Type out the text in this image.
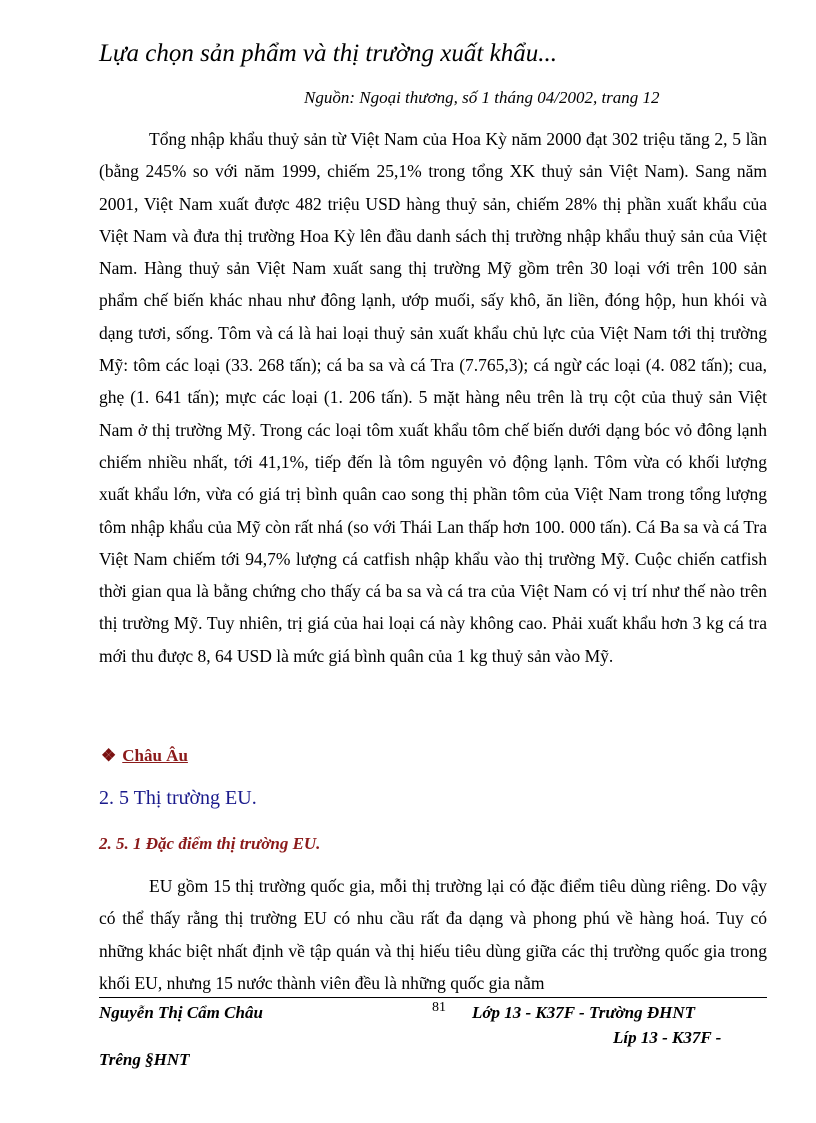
Lựa chọn sản phẩm và thị trường xuất khẩu...
Nguồn: Ngoại thương, số 1 tháng 04/2002, trang 12

Tổng nhập khẩu thuỷ sản từ Việt Nam của Hoa Kỳ năm 2000 đạt 302 triệu tăng 2, 5 lần (bằng 245% so với năm 1999, chiếm 25,1% trong tổng XK thuỷ sản Việt Nam). Sang năm 2001, Việt Nam xuất được 482 triệu USD hàng thuỷ sản, chiếm 28% thị phần xuất khẩu của Việt Nam và đưa thị trường Hoa Kỳ lên đầu danh sách thị trường nhập khẩu thuỷ sản của Việt Nam. Hàng thuỷ sản Việt Nam xuất sang thị trường Mỹ gồm trên 30 loại với trên 100 sản phẩm chế biến khác nhau như đông lạnh, ướp muối, sấy khô, ăn liền, đóng hộp, hun khói và dạng tươi, sống. Tôm và cá là hai loại thuỷ sản xuất khẩu chủ lực của Việt Nam tới thị trường Mỹ: tôm các loại (33. 268 tấn); cá ba sa và cá Tra (7.765,3); cá ngừ các loại (4. 082 tấn); cua, ghẹ (1. 641 tấn); mực các loại (1. 206 tấn). 5 mặt hàng nêu trên là trụ cột của thuỷ sản Việt Nam ở thị trường Mỹ. Trong các loại tôm xuất khẩu tôm chế biến dưới dạng bóc vỏ đông lạnh chiếm nhiều nhất, tới 41,1%, tiếp đến là tôm nguyên vỏ động lạnh. Tôm vừa có khối lượng xuất khẩu lớn, vừa có giá trị bình quân cao song thị phần tôm của Việt Nam trong tổng lượng tôm nhập khẩu của Mỹ còn rất nhá (so với Thái Lan thấp hơn 100. 000 tấn). Cá Ba sa và cá Tra Việt Nam chiếm tới 94,7% lượng cá catfish nhập khẩu vào thị trường Mỹ. Cuộc chiến catfish thời gian qua là bằng chứng cho thấy cá ba sa và cá tra của Việt Nam có vị trí như thế nào trên thị trường Mỹ. Tuy nhiên, trị giá của hai loại cá này không cao. Phải xuất khẩu hơn 3 kg cá tra mới thu được 8, 64 USD là mức giá bình quân của 1 kg thuỷ sản vào Mỹ.

❖ Châu Âu
2. 5 Thị trường EU.
2. 5. 1 Đặc điểm thị trường EU.

EU gồm 15 thị trường quốc gia, mỗi thị trường lại có đặc điểm tiêu dùng riêng. Do vậy có thể thấy rằng thị trường EU có nhu cầu rất đa dạng và phong phú về hàng hoá. Tuy có những khác biệt nhất định về tập quán và thị hiếu tiêu dùng giữa các thị trường quốc gia trong khối EU, nhưng 15 nước thành viên đều là những quốc gia nằm

Nguyễn Thị Cẩm Châu	81 Lớp 13 - K37F - Trường ĐHNT
Líp 13 - K37F -
Trêng §HNT
